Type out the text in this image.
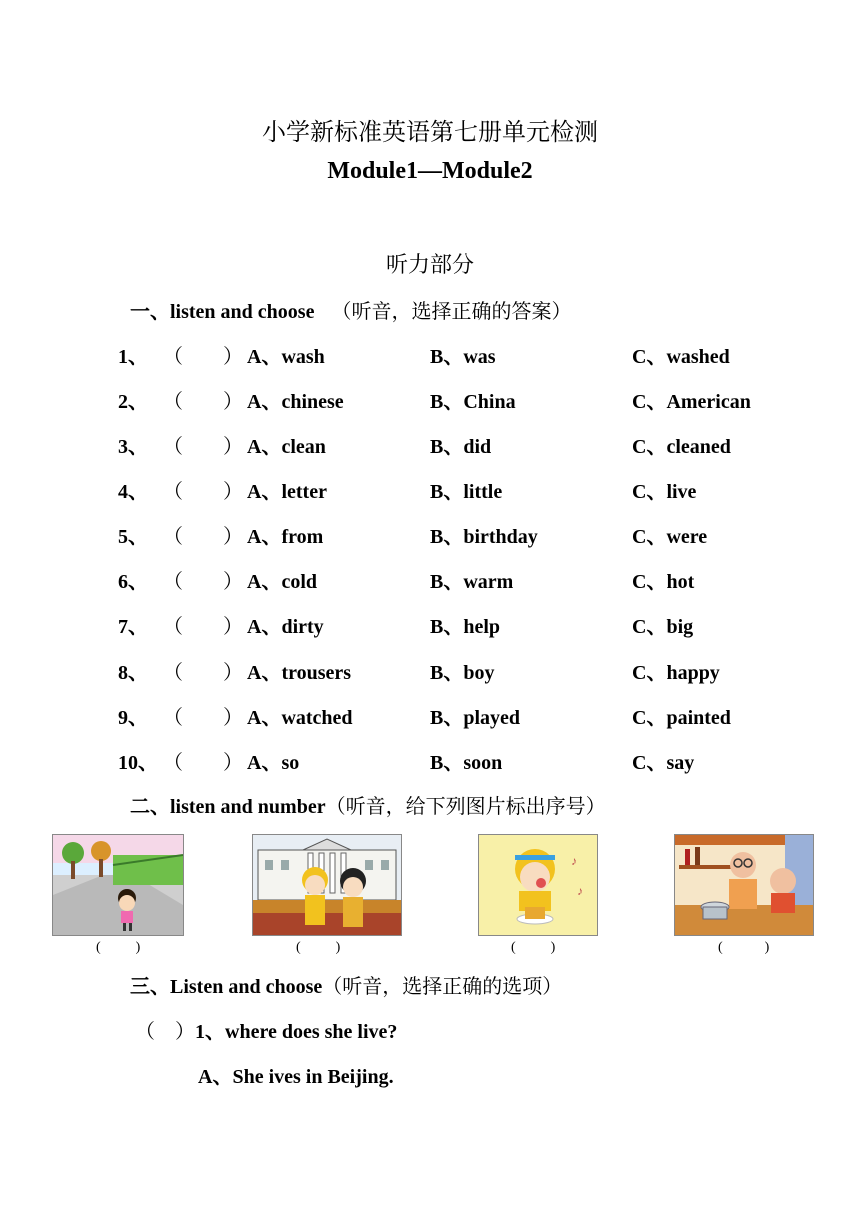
小学新标准英语第七册单元检测
Module1—Module2
听力部分
一、listen and choose （听音，选择正确的答案）
1、 （　　） A、wash	B、was	C、washed
2、 （　　） A、chinese	B、China	C、American
3、 （　　） A、clean	B、did	C、cleaned
4、 （　　） A、letter	B、little	C、live
5、 （　　） A、from	B、birthday	C、were
6、 （　　） A、cold	B、warm	C、hot
7、 （　　） A、dirty	B、help	C、big
8、 （　　） A、trousers	B、boy	C、happy
9、 （　　） A、watched	B、played	C、painted
10、 （　　） A、so	B、soon	C、say
二、listen and number（听音，给下列图片标出序号）
♪
♪
(          )	(          )	(          )	(            )
三、Listen and choose（听音，选择正确的选项）
（　）1、where does she live?
A、She ives in Beijing.
